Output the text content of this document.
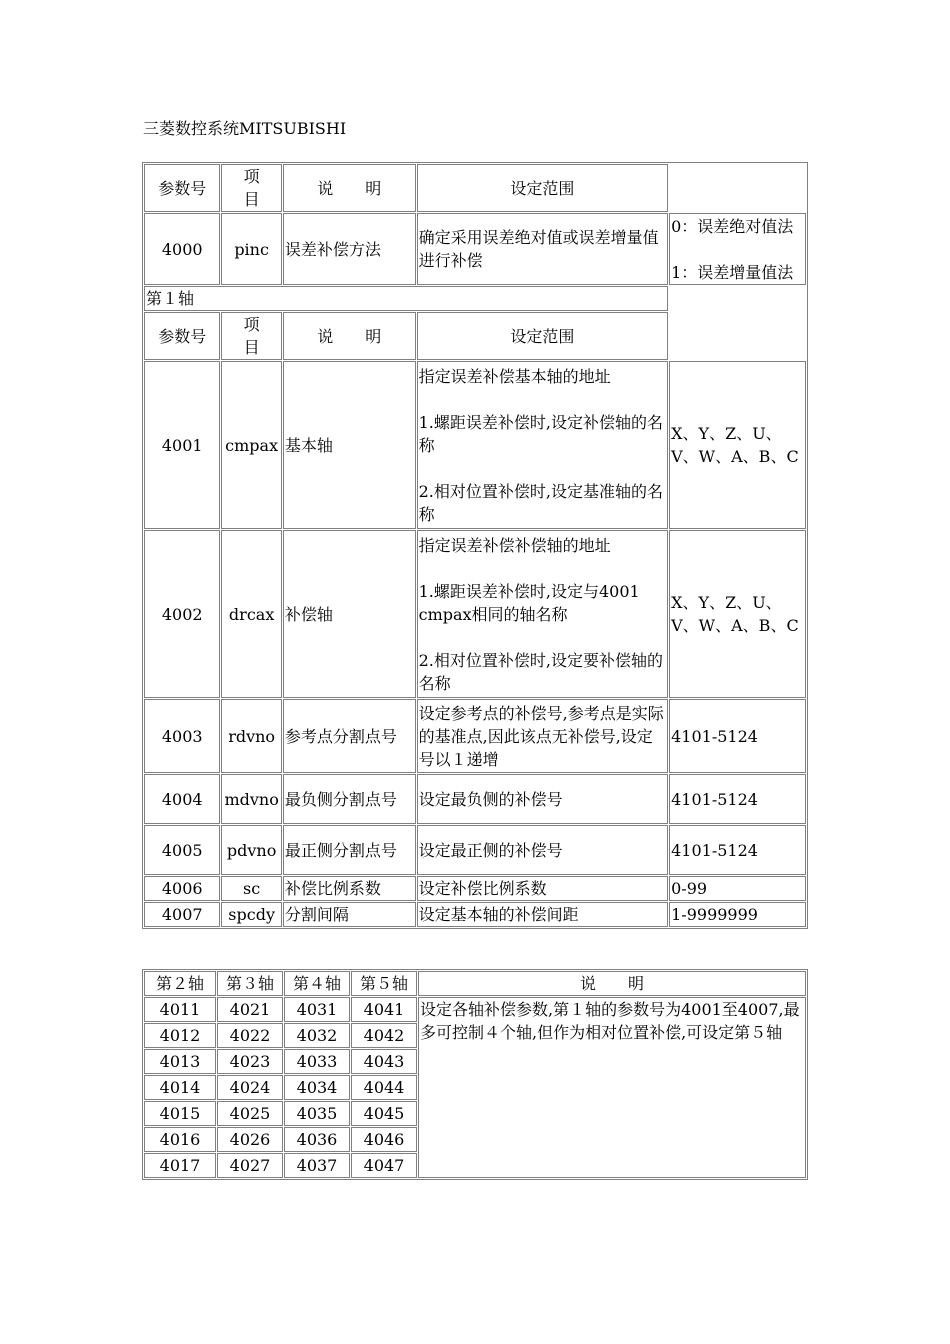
三菱数控系统MITSUBISHI
参数号	项　　目	说　　明	设定范围	
4000	pinc	误差补偿方法	确定采用误差绝对值或误差增量值进行补偿	0：误差绝对值法
1：误差增量值法

第１轴				
参数号	项　　目	说　　明	设定范围	
4001	cmpax	基本轴	指定误差补偿基本轴的地址
1.螺距误差补偿时,设定补偿轴的名称
2.相对位置补偿时,设定基准轴的名称	X、Y、Z、U、V、W、A、B、C
4002	drcax	补偿轴	指定误差补偿补偿轴的地址
1.螺距误差补偿时,设定与4001 cmpax相同的轴名称
2.相对位置补偿时,设定要补偿轴的名称	X、Y、Z、U、V、W、A、B、C
4003	rdvno	参考点分割点号	设定参考点的补偿号,参考点是实际的基准点,因此该点无补偿号,设定号以１递增	4101-5124
4004	mdvno	最负侧分割点号	设定最负侧的补偿号	4101-5124
4005	pdvno	最正侧分割点号	设定最正侧的补偿号	4101-5124
4006	sc	补偿比例系数	设定补偿比例系数	0-99
4007	spcdy	分割间隔	设定基本轴的补偿间距	1-9999999
第２轴	第３轴	第４轴	第５轴	说　　明
4011	4021	4031	4041	设定各轴补偿参数,第１轴的参数号为4001至4007,最多可控制４个轴,但作为相对位置补偿,可设定第５轴
4012	4022	4032	4042	
4013	4023	4033	4043	
4014	4024	4034	4044	
4015	4025	4035	4045	
4016	4026	4036	4046	
4017	4027	4037	4047	
